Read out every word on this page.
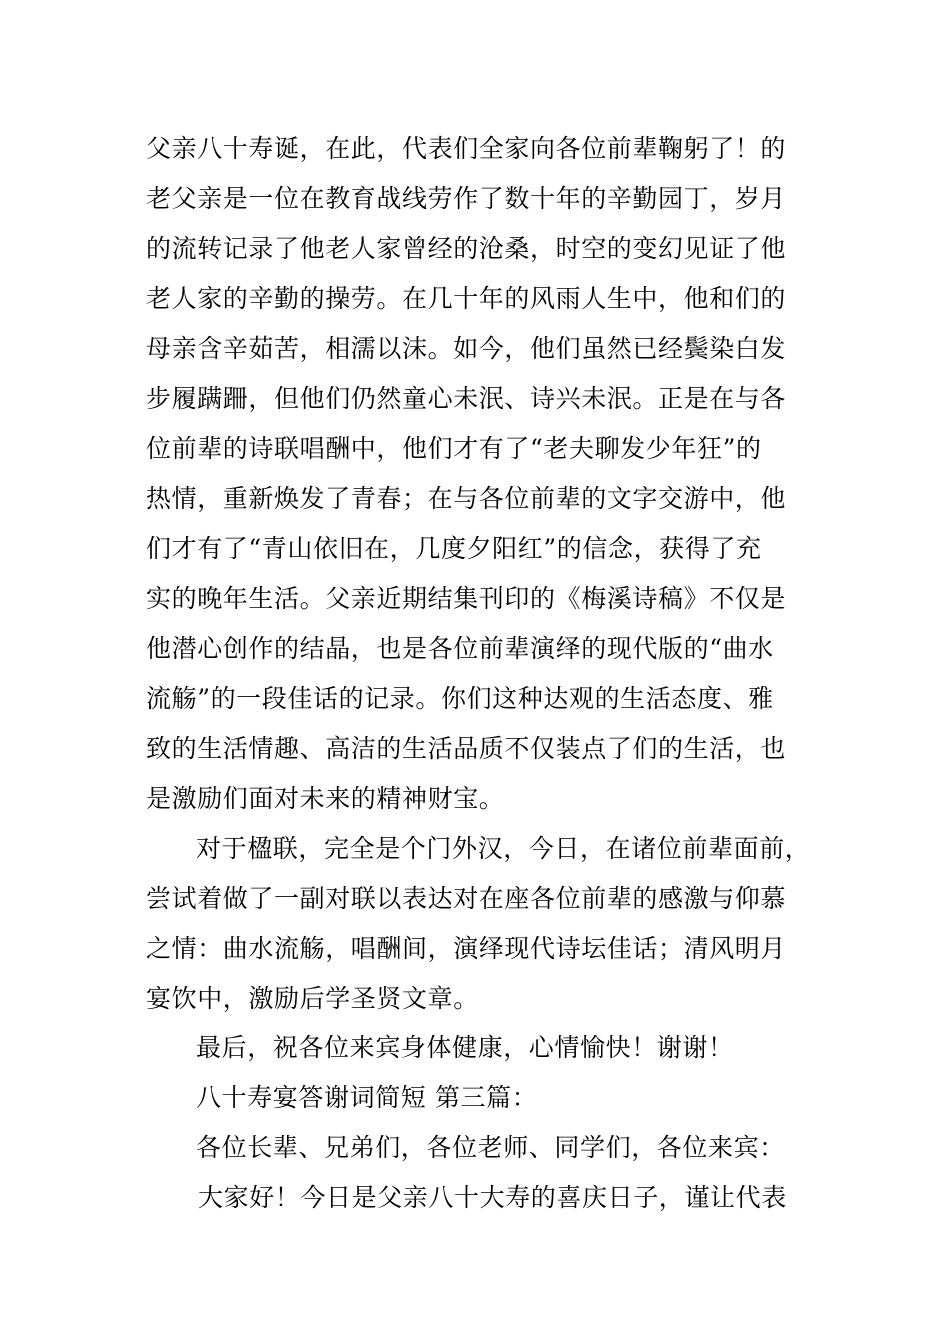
父亲八十寿诞，在此，代表们全家向各位前辈鞠躬了！的
老父亲是一位在教育战线劳作了数十年的辛勤园丁，岁月
的流转记录了他老人家曾经的沧桑，时空的变幻见证了他
老人家的辛勤的操劳。在几十年的风雨人生中，他和们的
母亲含辛茹苦，相濡以沫。如今，他们虽然已经鬓染白发
步履蹒跚，但他们仍然童心未泯、诗兴未泯。正是在与各
位前辈的诗联唱酬中，他们才有了“老夫聊发少年狂”的
热情，重新焕发了青春；在与各位前辈的文字交游中，他
们才有了“青山依旧在，几度夕阳红”的信念，获得了充
实的晚年生活。父亲近期结集刊印的《梅溪诗稿》不仅是
他潜心创作的结晶，也是各位前辈演绎的现代版的“曲水
流觞”的一段佳话的记录。你们这种达观的生活态度、雅
致的生活情趣、高洁的生活品质不仅装点了们的生活，也
是激励们面对未来的精神财宝。
对于楹联，完全是个门外汉，今日，在诸位前辈面前，
尝试着做了一副对联以表达对在座各位前辈的感激与仰慕
之情：曲水流觞，唱酬间，演绎现代诗坛佳话；清风明月
宴饮中，激励后学圣贤文章。
最后，祝各位来宾身体健康，心情愉快！谢谢！
八十寿宴答谢词简短 第三篇：
各位长辈、兄弟们，各位老师、同学们，各位来宾：
大家好！今日是父亲八十大寿的喜庆日子，谨让代表
